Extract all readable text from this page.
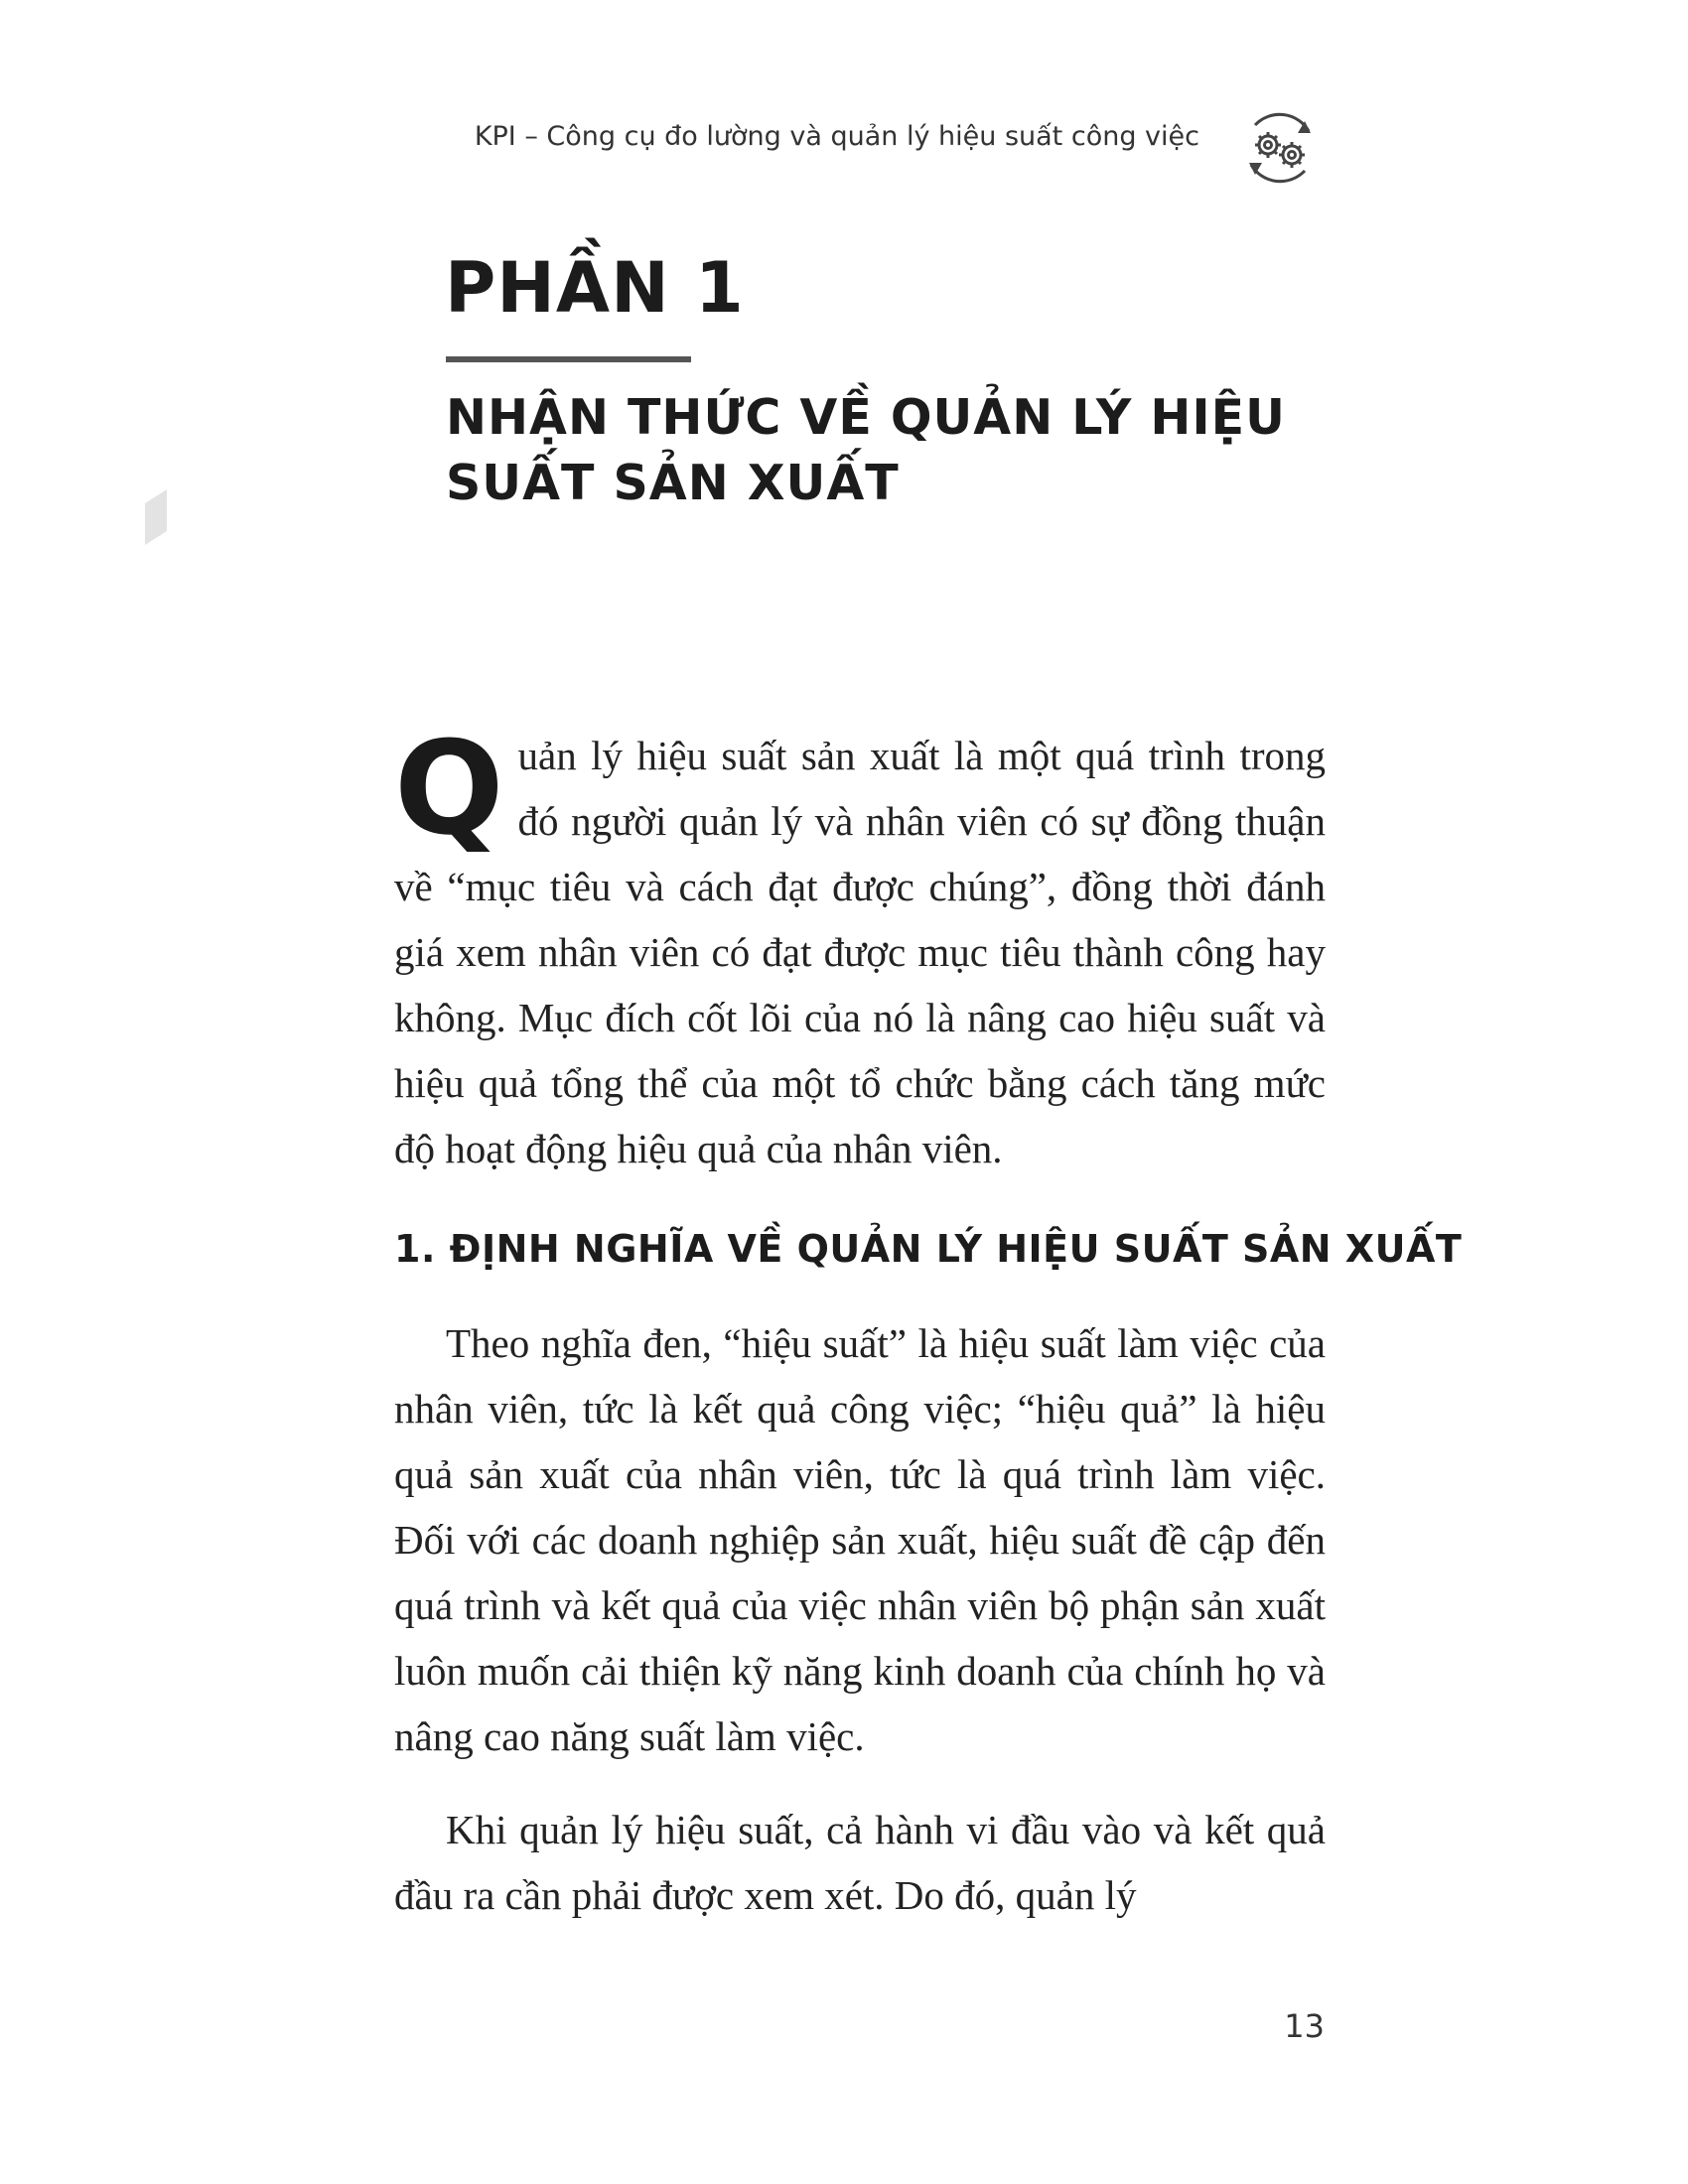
KPI – Công cụ đo lường và quản lý hiệu suất công việc
PHẦN 1
NHẬN THỨC VỀ QUẢN LÝ HIỆU SUẤT SẢN XUẤT

Quản lý hiệu suất sản xuất là một quá trình trong đó người quản lý và nhân viên có sự đồng thuận về “mục tiêu và cách đạt được chúng”, đồng thời đánh giá xem nhân viên có đạt được mục tiêu thành công hay không. Mục đích cốt lõi của nó là nâng cao hiệu suất và hiệu quả tổng thể của một tổ chức bằng cách tăng mức độ hoạt động hiệu quả của nhân viên.

1. ĐỊNH NGHĨA VỀ QUẢN LÝ HIỆU SUẤT SẢN XUẤT

Theo nghĩa đen, “hiệu suất” là hiệu suất làm việc của nhân viên, tức là kết quả công việc; “hiệu quả” là hiệu quả sản xuất của nhân viên, tức là quá trình làm việc. Đối với các doanh nghiệp sản xuất, hiệu suất đề cập đến quá trình và kết quả của việc nhân viên bộ phận sản xuất luôn muốn cải thiện kỹ năng kinh doanh của chính họ và nâng cao năng suất làm việc.

Khi quản lý hiệu suất, cả hành vi đầu vào và kết quả đầu ra cần phải được xem xét. Do đó, quản lý

13
